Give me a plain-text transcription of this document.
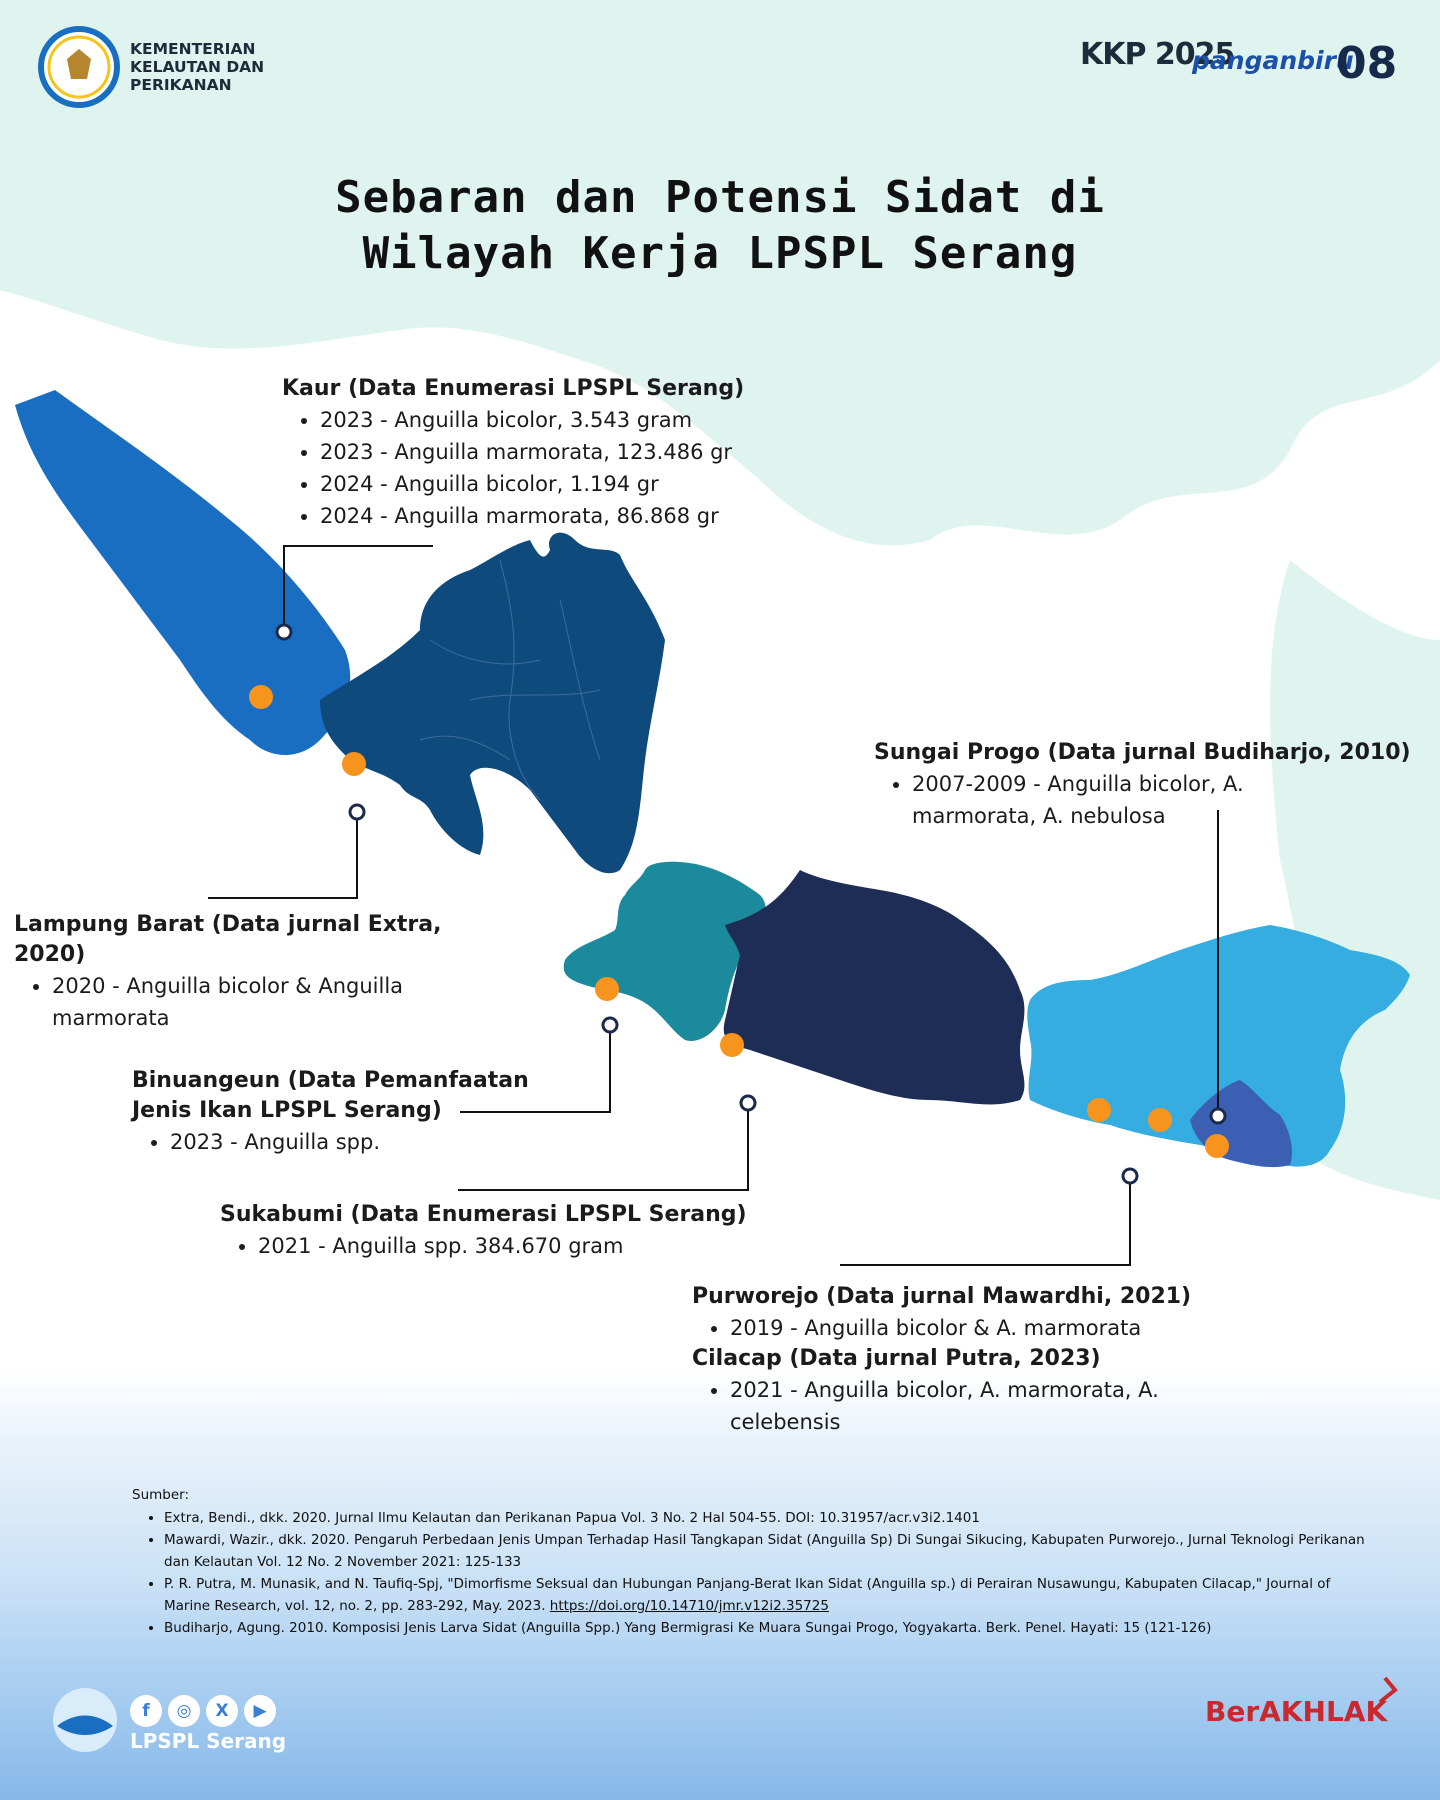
KEMENTERIAN KELAUTAN DAN PERIKANAN
KKP 2025
panganbiru
08
Sebaran dan Potensi Sidat di
Wilayah Kerja LPSPL Serang
Kaur (Data Enumerasi LPSPL Serang)
• 2023 - Anguilla bicolor, 3.543 gram
• 2023 - Anguilla marmorata, 123.486 gr
• 2024 - Anguilla bicolor, 1.194 gr
• 2024 - Anguilla marmorata, 86.868 gr
Lampung Barat (Data jurnal Extra, 2020)
• 2020 - Anguilla bicolor & Anguilla marmorata
Binuangeun (Data Pemanfaatan
Jenis Ikan LPSPL Serang)
• 2023 - Anguilla spp.
Sukabumi (Data Enumerasi LPSPL Serang)
• 2021 - Anguilla spp. 384.670 gram
Sungai Progo (Data jurnal Budiharjo, 2010)
• 2007-2009 - Anguilla bicolor, A. marmorata, A. nebulosa
Purworejo (Data jurnal Mawardhi, 2021)
• 2019 - Anguilla bicolor & A. marmorata
Cilacap (Data jurnal Putra, 2023)
• 2021 - Anguilla bicolor, A. marmorata, A. celebensis
Sumber:
• Extra, Bendi., dkk. 2020. Jurnal Ilmu Kelautan dan Perikanan Papua Vol. 3 No. 2 Hal 504-55. DOI: 10.31957/acr.v3i2.1401
• Mawardi, Wazir., dkk. 2020. Pengaruh Perbedaan Jenis Umpan Terhadap Hasil Tangkapan Sidat (Anguilla Sp) Di Sungai Sikucing, Kabupaten Purworejo., Jurnal Teknologi Perikanan dan Kelautan Vol. 12 No. 2 November 2021: 125-133
• P. R. Putra, M. Munasik, and N. Taufiq-Spj, "Dimorfisme Seksual dan Hubungan Panjang-Berat Ikan Sidat (Anguilla sp.) di Perairan Nusawungu, Kabupaten Cilacap," Journal of Marine Research, vol. 12, no. 2, pp. 283-292, May. 2023. https://doi.org/10.14710/jmr.v12i2.35725
• Budiharjo, Agung. 2010. Komposisi Jenis Larva Sidat (Anguilla Spp.) Yang Bermigrasi Ke Muara Sungai Progo, Yogyakarta. Berk. Penel. Hayati: 15 (121-126)
f	◎	X	▶
LPSPL Serang
BerAKHLAK
